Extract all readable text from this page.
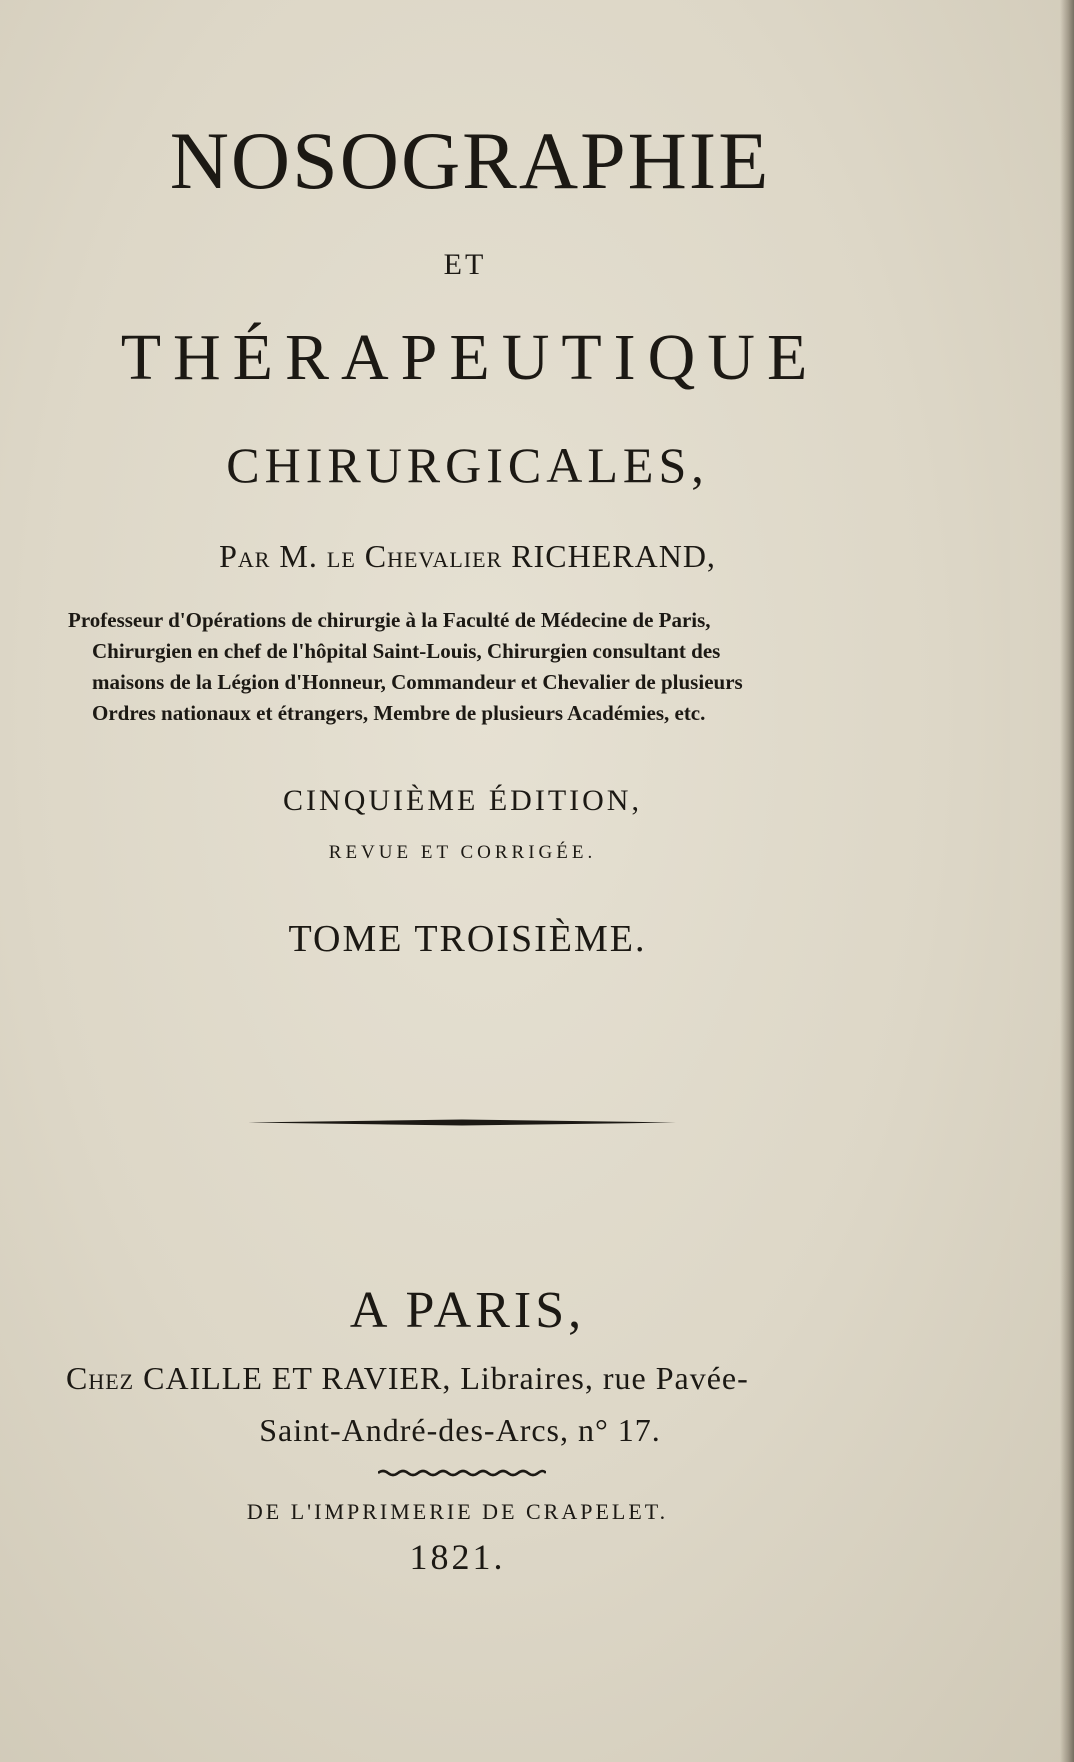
NOSOGRAPHIE
ET
THÉRAPEUTIQUE
CHIRURGICALES,
Par M. le Chevalier RICHERAND,
Professeur d'Opérations de chirurgie à la Faculté de Médecine de Paris,
Chirurgien en chef de l'hôpital Saint-Louis, Chirurgien consultant des
maisons de la Légion d'Honneur, Commandeur et Chevalier de plusieurs
Ordres nationaux et étrangers, Membre de plusieurs Académies, etc.
CINQUIÈME ÉDITION,
REVUE ET CORRIGÉE.
TOME TROISIÈME.
A PARIS,
Chez CAILLE ET RAVIER, Libraires, rue Pavée-
Saint-André-des-Arcs, n° 17.
DE L'IMPRIMERIE DE CRAPELET.
1821.
